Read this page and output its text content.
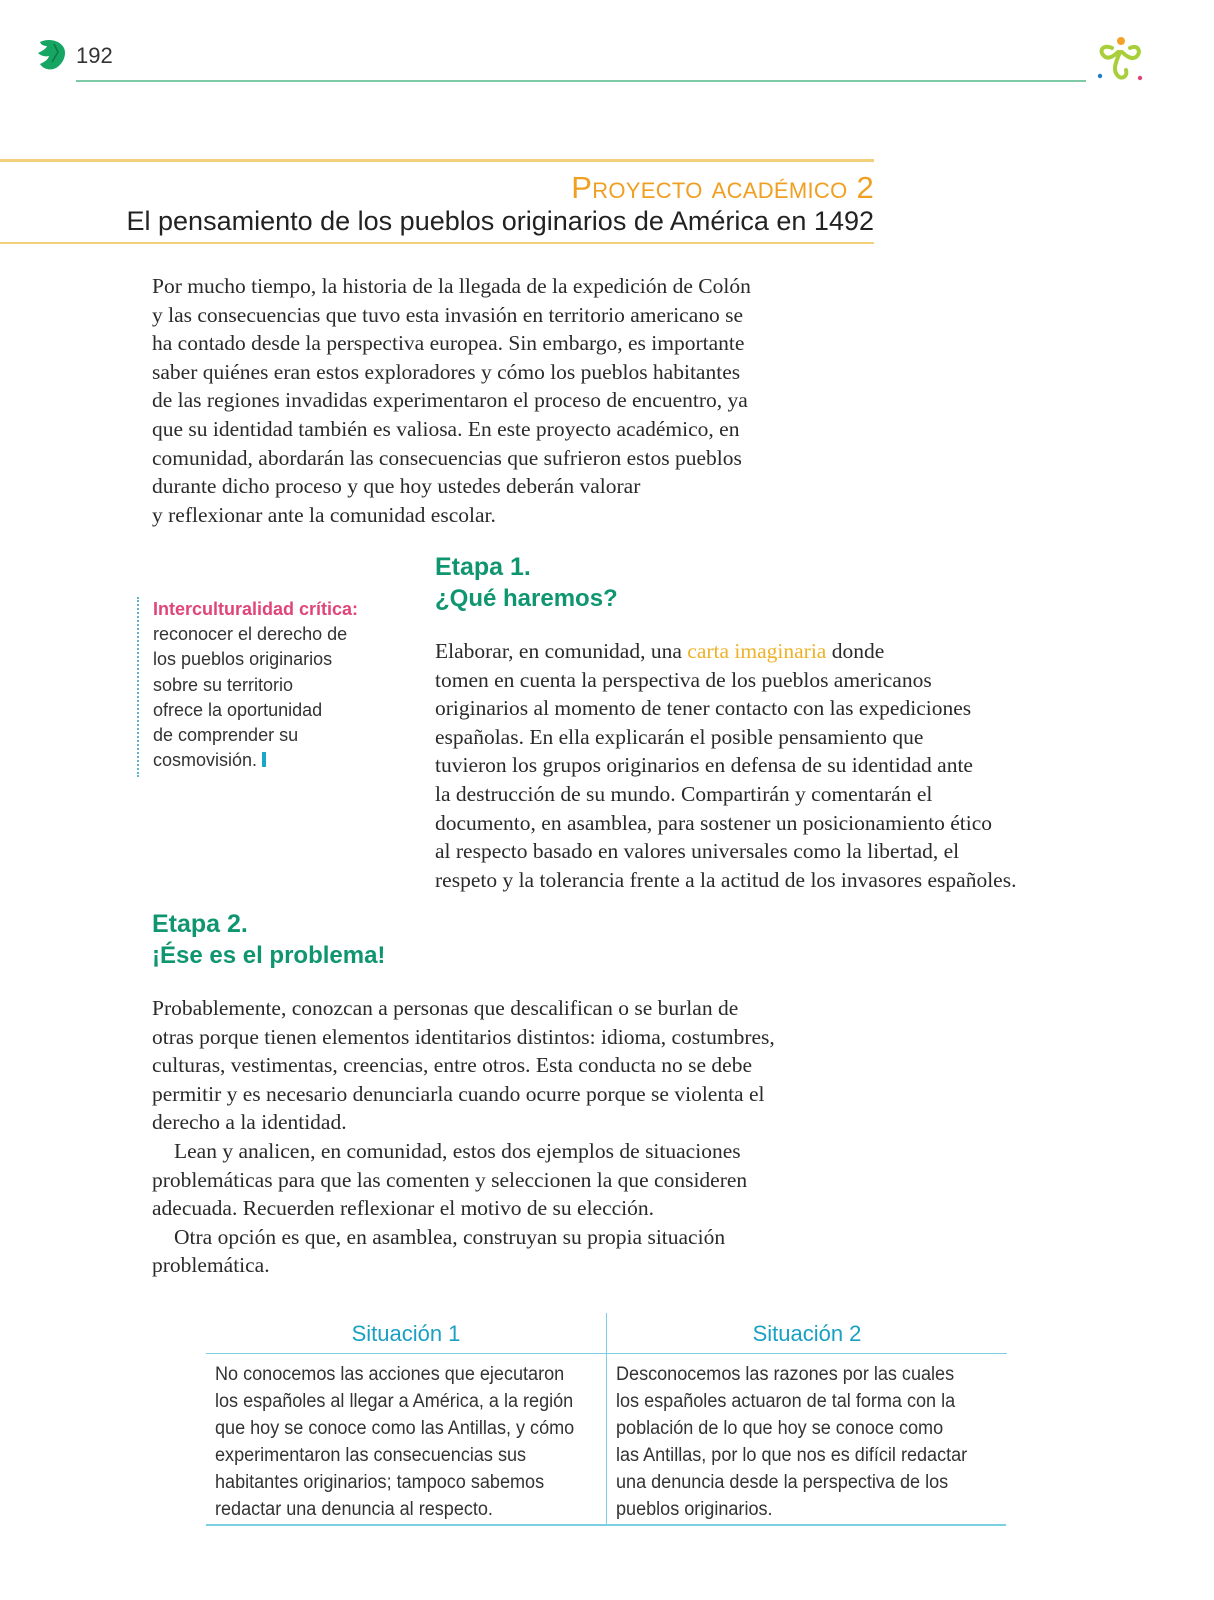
192
Proyecto académico 2
El pensamiento de los pueblos originarios de América en 1492

Por mucho tiempo, la historia de la llegada de la expedición de Colón
y las consecuencias que tuvo esta invasión en territorio americano se
ha contado desde la perspectiva europea. Sin embargo, es importante
saber quiénes eran estos exploradores y cómo los pueblos habitantes
de las regiones invadidas experimentaron el proceso de encuentro, ya
que su identidad también es valiosa. En este proyecto académico, en
comunidad, abordarán las consecuencias que sufrieron estos pueblos
durante dicho proceso y que hoy ustedes deberán valorar
y reflexionar ante la comunidad escolar.

Interculturalidad crítica:
reconocer el derecho de
los pueblos originarios
sobre su territorio
ofrece la oportunidad
de comprender su
cosmovisión.
Etapa 1.
¿Qué haremos?

Elaborar, en comunidad, una carta imaginaria donde
tomen en cuenta la perspectiva de los pueblos americanos
originarios al momento de tener contacto con las expediciones
españolas. En ella explicarán el posible pensamiento que
tuvieron los grupos originarios en defensa de su identidad ante
la destrucción de su mundo. Compartirán y comentarán el
documento, en asamblea, para sostener un posicionamiento ético
al respecto basado en valores universales como la libertad, el
respeto y la tolerancia frente a la actitud de los invasores españoles.

Etapa 2.
¡Ése es el problema!

Probablemente, conozcan a personas que descalifican o se burlan de
otras porque tienen elementos identitarios distintos: idioma, costumbres,
culturas, vestimentas, creencias, entre otros. Esta conducta no se debe
permitir y es necesario denunciarla cuando ocurre porque se violenta el
derecho a la identidad.

Lean y analicen, en comunidad, estos dos ejemplos de situaciones
problemáticas para que las comenten y seleccionen la que consideren
adecuada. Recuerden reflexionar el motivo de su elección.

Otra opción es que, en asamblea, construyan su propia situación
problemática.

Situación 1
No conocemos las acciones que ejecutaron
los españoles al llegar a América, a la región
que hoy se conoce como las Antillas, y cómo
experimentaron las consecuencias sus
habitantes originarios; tampoco sabemos
redactar una denuncia al respecto.
Situación 2
Desconocemos las razones por las cuales
los españoles actuaron de tal forma con la
población de lo que hoy se conoce como
las Antillas, por lo que nos es difícil redactar
una denuncia desde la perspectiva de los
pueblos originarios.
